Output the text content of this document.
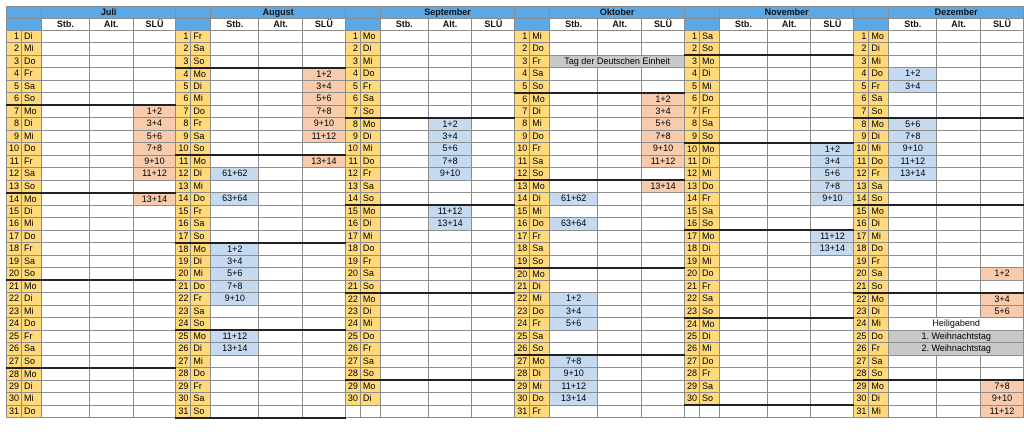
		Juli					August					September					Oktober					November					Dezember		
		Stb.	Alt.	SLÜ			Stb.	Alt.	SLÜ			Stb.	Alt.	SLÜ			Stb.	Alt.	SLÜ			Stb.	Alt.	SLÜ			Stb.	Alt.	SLÜ
1	Di				1	Fr				1	Mo				1	Mi				1	Sa				1	Mo			
2	Mi				2	Sa				2	Di				2	Do				2	So				2	Di			
3	Do				3	So				3	Mi				3	Fr	Tag der Deutschen Einheit			3	Mo				3	Mi			
4	Fr				4	Mo			1+2	4	Do				4	Sa				4	Di				4	Do	1+2		
5	Sa				5	Di			3+4	5	Fr				5	So				5	Mi				5	Fr	3+4		
6	So				6	Mi			5+6	6	Sa				6	Mo			1+2	6	Do				6	Sa			
7	Mo			1+2	7	Do			7+8	7	So				7	Di			3+4	7	Fr				7	So			
8	Di			3+4	8	Fr			9+10	8	Mo		1+2		8	Mi			5+6	8	Sa				8	Mo	5+6		
9	Mi			5+6	9	Sa			11+12	9	Di		3+4		9	Do			7+8	9	So				9	Di	7+8		
10	Do			7+8	10	So				10	Mi		5+6		10	Fr			9+10	10	Mo			1+2	10	Mi	9+10		
11	Fr			9+10	11	Mo			13+14	11	Do		7+8		11	Sa			11+12	11	Di			3+4	11	Do	11+12		
12	Sa			11+12	12	Di	61+62			12	Fr		9+10		12	So				12	Mi			5+6	12	Fr	13+14		
13	So				13	Mi				13	Sa				13	Mo			13+14	13	Do			7+8	13	Sa			
14	Mo			13+14	14	Do	63+64			14	So				14	Di	61+62			14	Fr			9+10	14	So			
15	Di				15	Fr				15	Mo		11+12		15	Mi				15	Sa				15	Mo			
16	Mi				16	Sa				16	Di		13+14		16	Do	63+64			16	So				16	Di			
17	Do				17	So				17	Mi				17	Fr				17	Mo			11+12	17	Mi			
18	Fr				18	Mo	1+2			18	Do				18	Sa				18	Di			13+14	18	Do			
19	Sa				19	Di	3+4			19	Fr				19	So				19	Mi				19	Fr			
20	So				20	Mi	5+6			20	Sa				20	Mo				20	Do				20	Sa			1+2
21	Mo				21	Do	7+8			21	So				21	Di				21	Fr				21	So			
22	Di				22	Fr	9+10			22	Mo				22	Mi	1+2			22	Sa				22	Mo			3+4
23	Mi				23	Sa				23	Di				23	Do	3+4			23	So				23	Di			5+6
24	Do				24	So				24	Mi				24	Fr	5+6			24	Mo				24	Mi	Heiligabend		
25	Fr				25	Mo	11+12			25	Do				25	Sa				25	Di				25	Do	1. Weihnachtstag		
26	Sa				26	Di	13+14			26	Fr				26	So				26	Mi				26	Fr	2. Weihnachtstag		
27	So				27	Mi				27	Sa				27	Mo	7+8			27	Do				27	Sa			
28	Mo				28	Do				28	So				28	Di	9+10			28	Fr				28	So			
29	Di				29	Fr				29	Mo				29	Mi	11+12			29	Sa				29	Mo			7+8
30	Mi				30	Sa				30	Di				30	Do	13+14			30	So				30	Di			9+10
31	Do				31	So									31	Fr									31	Mi			11+12
